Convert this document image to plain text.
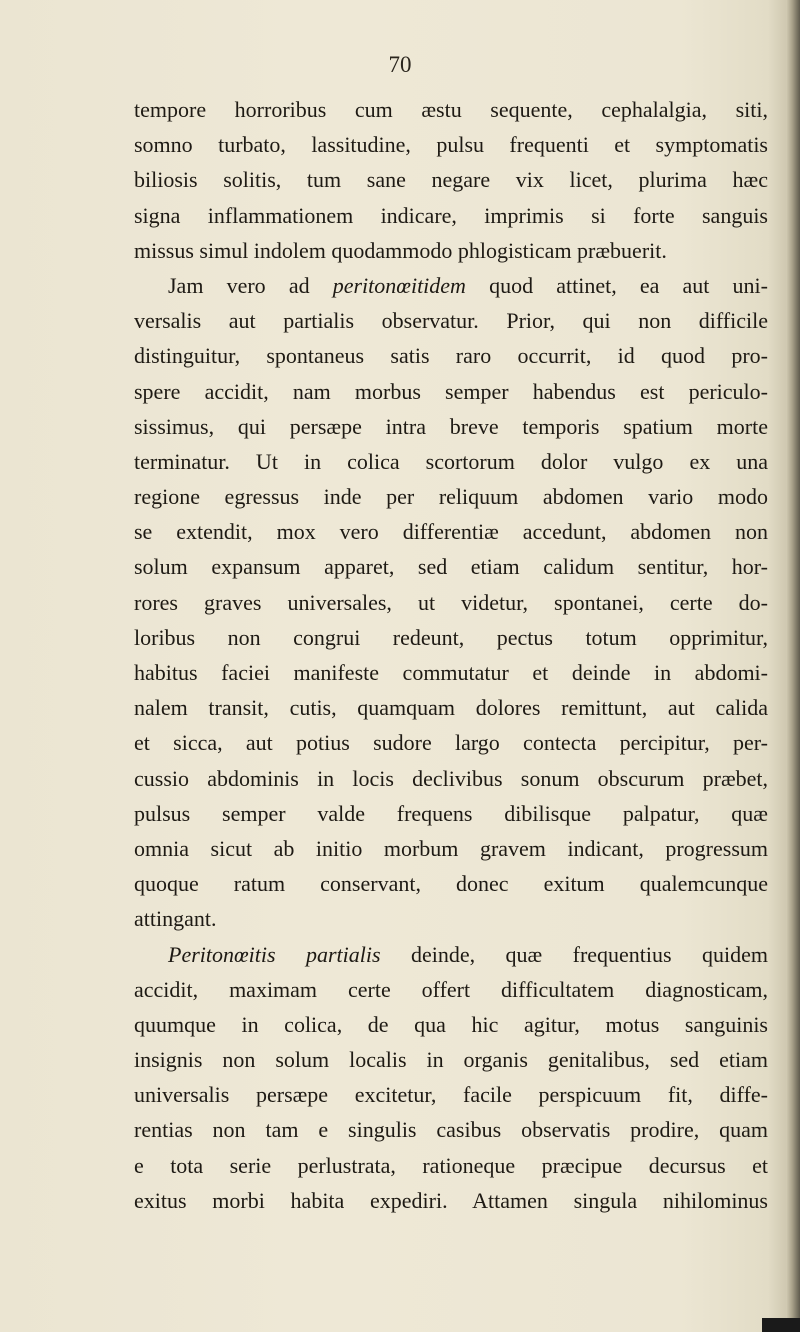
70
tempore horroribus cum æstu sequente, cephalalgia, siti,
somno turbato, lassitudine, pulsu frequenti et symptomatis
biliosis solitis, tum sane negare vix licet, plurima hæc
signa inflammationem indicare, imprimis si forte sanguis
missus simul indolem quodammodo phlogisticam præbuerit.
Jam vero ad peritonœitidem quod attinet, ea aut uni-
versalis aut partialis observatur. Prior, qui non difficile
distinguitur, spontaneus satis raro occurrit, id quod pro-
spere accidit, nam morbus semper habendus est periculo-
sissimus, qui persæpe intra breve temporis spatium morte
terminatur. Ut in colica scortorum dolor vulgo ex una
regione egressus inde per reliquum abdomen vario modo
se extendit, mox vero differentiæ accedunt, abdomen non
solum expansum apparet, sed etiam calidum sentitur, hor-
rores graves universales, ut videtur, spontanei, certe do-
loribus non congrui redeunt, pectus totum opprimitur,
habitus faciei manifeste commutatur et deinde in abdomi-
nalem transit, cutis, quamquam dolores remittunt, aut calida
et sicca, aut potius sudore largo contecta percipitur, per-
cussio abdominis in locis declivibus sonum obscurum præbet,
pulsus semper valde frequens dibilisque palpatur, quæ
omnia sicut ab initio morbum gravem indicant, progressum
quoque ratum conservant, donec exitum qualemcunque
attingant.
Peritonœitis partialis deinde, quæ frequentius quidem
accidit, maximam certe offert difficultatem diagnosticam,
quumque in colica, de qua hic agitur, motus sanguinis
insignis non solum localis in organis genitalibus, sed etiam
universalis persæpe excitetur, facile perspicuum fit, diffe-
rentias non tam e singulis casibus observatis prodire, quam
e tota serie perlustrata, rationeque præcipue decursus et
exitus morbi habita expediri. Attamen singula nihilominus
